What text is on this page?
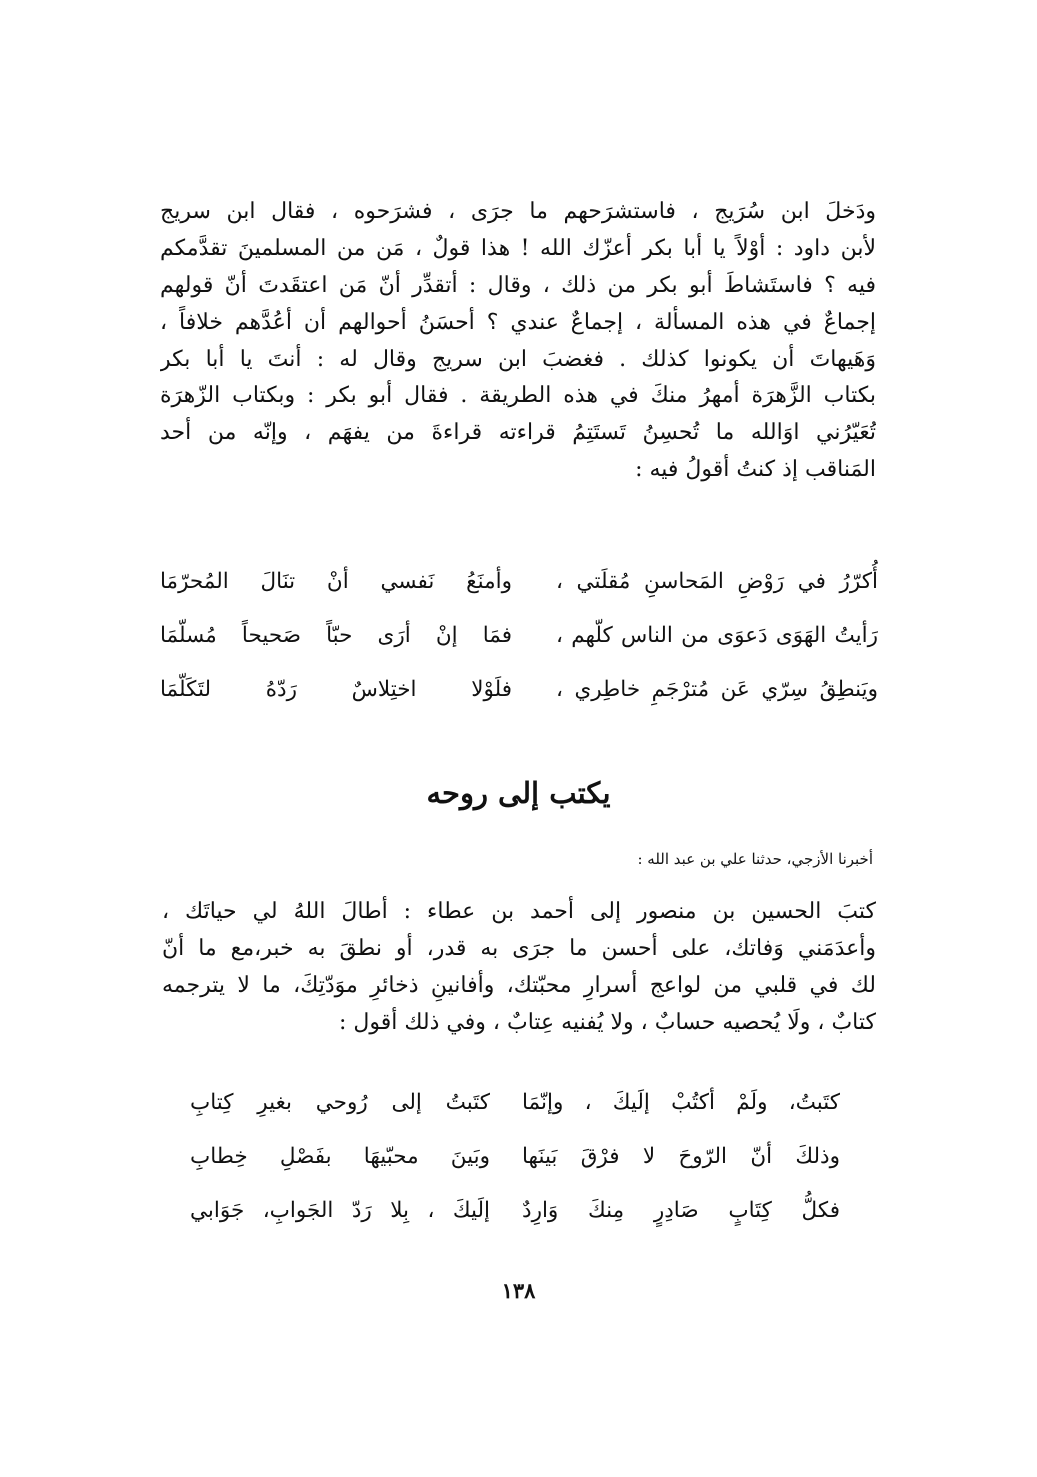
ودَخلَ ابن سُرَيج ، فاستشرَحهم ما جرَى ، فشرَحوه ، فقال ابن سريج
لأبن داود : أوْلاً يا أبا بكر أعزّك الله ! هذا قولٌ ، مَن من المسلمينَ تقدَّمكم
فيه ؟ فاستَشاطَ أبو بكر من ذلك ، وقال : أتقدِّر أنّ مَن اعتقَدتَ أنّ قولهم
إجماعٌ في هذه المسألة ، إجماعٌ عندي ؟ أحسَنُ أحوالهم أن أعُدَّهم خلافاً ،
وَهَيهاتَ أن يكونوا كذلك . فغضبَ ابن سريج وقال له : أنتَ يا أبا بكر
بكتاب الزَّهرَة أمهرُ منكَ في هذه الطريقة . فقال أبو بكر : وبكتاب الزّهرَة
تُعَيّرُني اوَالله ما تُحسِنُ تَستَتِمُ قراءته قراءةَ من يفهَم ، وإنّه من أحد
المَناقب إذ كنتُ أقولُ فيه :
أُكرّرُ في رَوْضِ المَحاسنِ مُقلَتي ،
وأمنَعُ نَفسي أنْ تنَالَ المُحرّمَا
رَأيتُ الهَوَى دَعوَى من الناس كلّهم ،
فمَا إنْ أرَى حبّاً صَحيحاً مُسلّمَا
ويَنطِقُ سِرّي عَن مُترْجَمِ خاطِري ،
فلَوْلا اختِلاسٌ رَدّهُ لتَكَلّمَا
يكتب إلى روحه
أخبرنا الأزجي، حدثنا علي بن عبد الله :
كتبَ الحسين بن منصور إلى أحمد بن عطاء : أطالَ اللهُ لي حياتَك ،
وأعدَمَني وَفاتك، على أحسن ما جرَى به قدر، أو نطقَ به خبر،مع ما أنّ
لك في قلبي من لواعج أسرارِ محبّتك، وأفانينِ ذخائرِ موَدّتِكَ، ما لا يترجمه
كتابٌ ، ولَا يُحصيه حسابٌ ، ولا يُفنيه عِتابٌ ، وفي ذلك أقول :
كتَبتُ إلى رُوحي بغيرِ كِتابِ كتَبتُ، ولَمْ أكتُبْ إلَيكَ ، وإنّمَا
وبَينَ محبّيهَا بفَصْلِ خِطابِ وذلكَ أنّ الرّوحَ لا فرْقَ بَينَها
إلَيكَ ، بِلا رَدّ الجَوابِ، جَوَابي فكلُّ كِتَابٍ صَادِرٍ مِنكَ وَارِدٌ
١٣٨
